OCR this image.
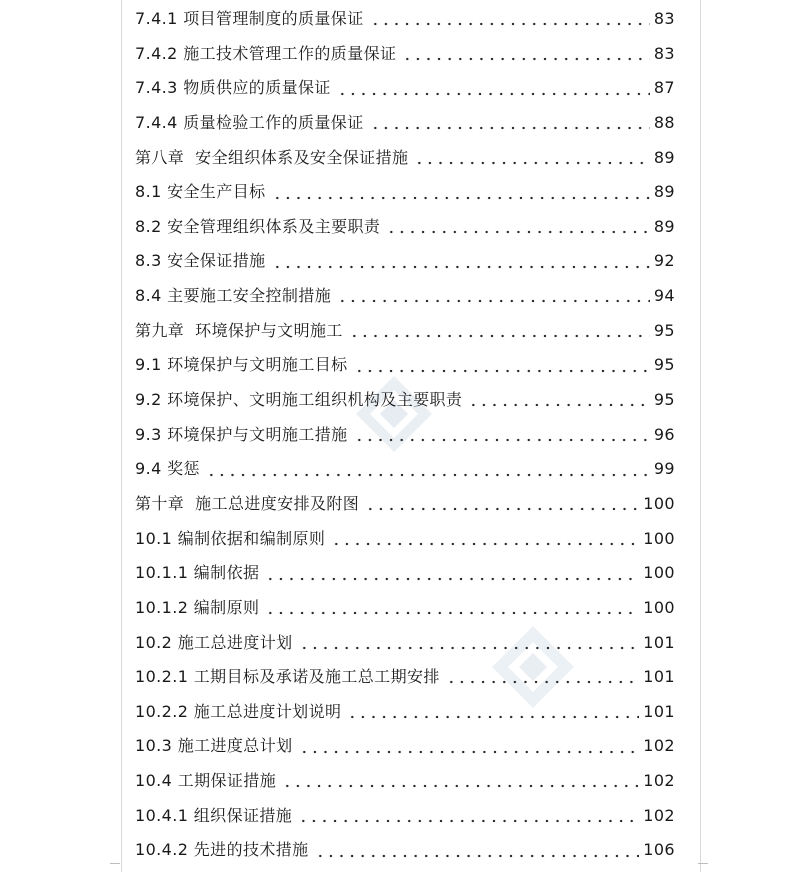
7.4.1 项目管理制度的质量保证	83
7.4.2 施工技术管理工作的质量保证	83
7.4.3 物质供应的质量保证	87
7.4.4 质量检验工作的质量保证	88
第八章  安全组织体系及安全保证措施	89
8.1 安全生产目标	89
8.2 安全管理组织体系及主要职责	89
8.3 安全保证措施	92
8.4 主要施工安全控制措施	94
第九章  环境保护与文明施工	95
9.1 环境保护与文明施工目标	95
9.2 环境保护、文明施工组织机构及主要职责	95
9.3 环境保护与文明施工措施	96
9.4 奖惩	99
第十章  施工总进度安排及附图	100
10.1 编制依据和编制原则	100
10.1.1 编制依据	100
10.1.2 编制原则	100
10.2 施工总进度计划	101
10.2.1 工期目标及承诺及施工总工期安排	101
10.2.2 施工总进度计划说明	101
10.3 施工进度总计划	102
10.4 工期保证措施	102
10.4.1 组织保证措施	102
10.4.2 先进的技术措施	106
